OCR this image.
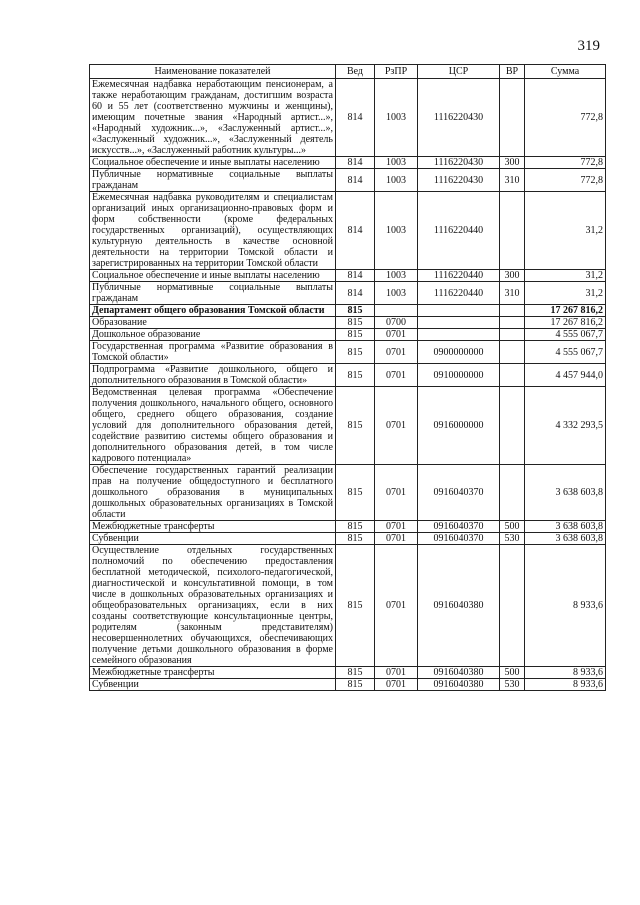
319
Наименование показателей	Вед	РзПР	ЦСР	ВР	Сумма
Ежемесячная надбавка неработающим пенсионерам, а также неработающим гражданам, достигшим возраста 60 и 55 лет (соответственно мужчины и женщины), имеющим почетные звания «Народный артист...», «Народный художник...», «Заслуженный артист...», «Заслуженный художник...», «Заслуженный деятель искусств...», «Заслуженный работник культуры...»	814	1003	1116220430		772,8
Социальное обеспечение и иные выплаты населению	814	1003	1116220430	300	772,8
Публичные нормативные социальные выплаты гражданам	814	1003	1116220430	310	772,8
Ежемесячная надбавка руководителям и специалистам организаций иных организационно-правовых форм и форм собственности (кроме федеральных государственных организаций), осуществляющих культурную деятельность в качестве основной деятельности на территории Томской области и зарегистрированных на территории Томской области	814	1003	1116220440		31,2
Социальное обеспечение и иные выплаты населению	814	1003	1116220440	300	31,2
Публичные нормативные социальные выплаты гражданам	814	1003	1116220440	310	31,2
Департамент общего образования Томской области	815				17 267 816,2
Образование	815	0700			17 267 816,2
Дошкольное образование	815	0701			4 555 067,7
Государственная программа «Развитие образования в Томской области»	815	0701	0900000000		4 555 067,7
Подпрограмма «Развитие дошкольного, общего и дополнительного образования в Томской области»	815	0701	0910000000		4 457 944,0
Ведомственная целевая программа «Обеспечение получения дошкольного, начального общего, основного общего, среднего общего образования, создание условий для дополнительного образования детей, содействие развитию системы общего образования и дополнительного образования детей, в том числе кадрового потенциала»	815	0701	0916000000		4 332 293,5
Обеспечение государственных гарантий реализации прав на получение общедоступного и бесплатного дошкольного образования в муниципальных дошкольных образовательных организациях в Томской области	815	0701	0916040370		3 638 603,8
Межбюджетные трансферты	815	0701	0916040370	500	3 638 603,8
Субвенции	815	0701	0916040370	530	3 638 603,8
Осуществление отдельных государственных полномочий по обеспечению предоставления бесплатной методической, психолого-педагогической, диагностической и консультативной помощи, в том числе в дошкольных образовательных организациях и общеобразовательных организациях, если в них созданы соответствующие консультационные центры, родителям (законным представителям) несовершеннолетних обучающихся, обеспечивающих получение детьми дошкольного образования в форме семейного образования	815	0701	0916040380		8 933,6
Межбюджетные трансферты	815	0701	0916040380	500	8 933,6
Субвенции	815	0701	0916040380	530	8 933,6
